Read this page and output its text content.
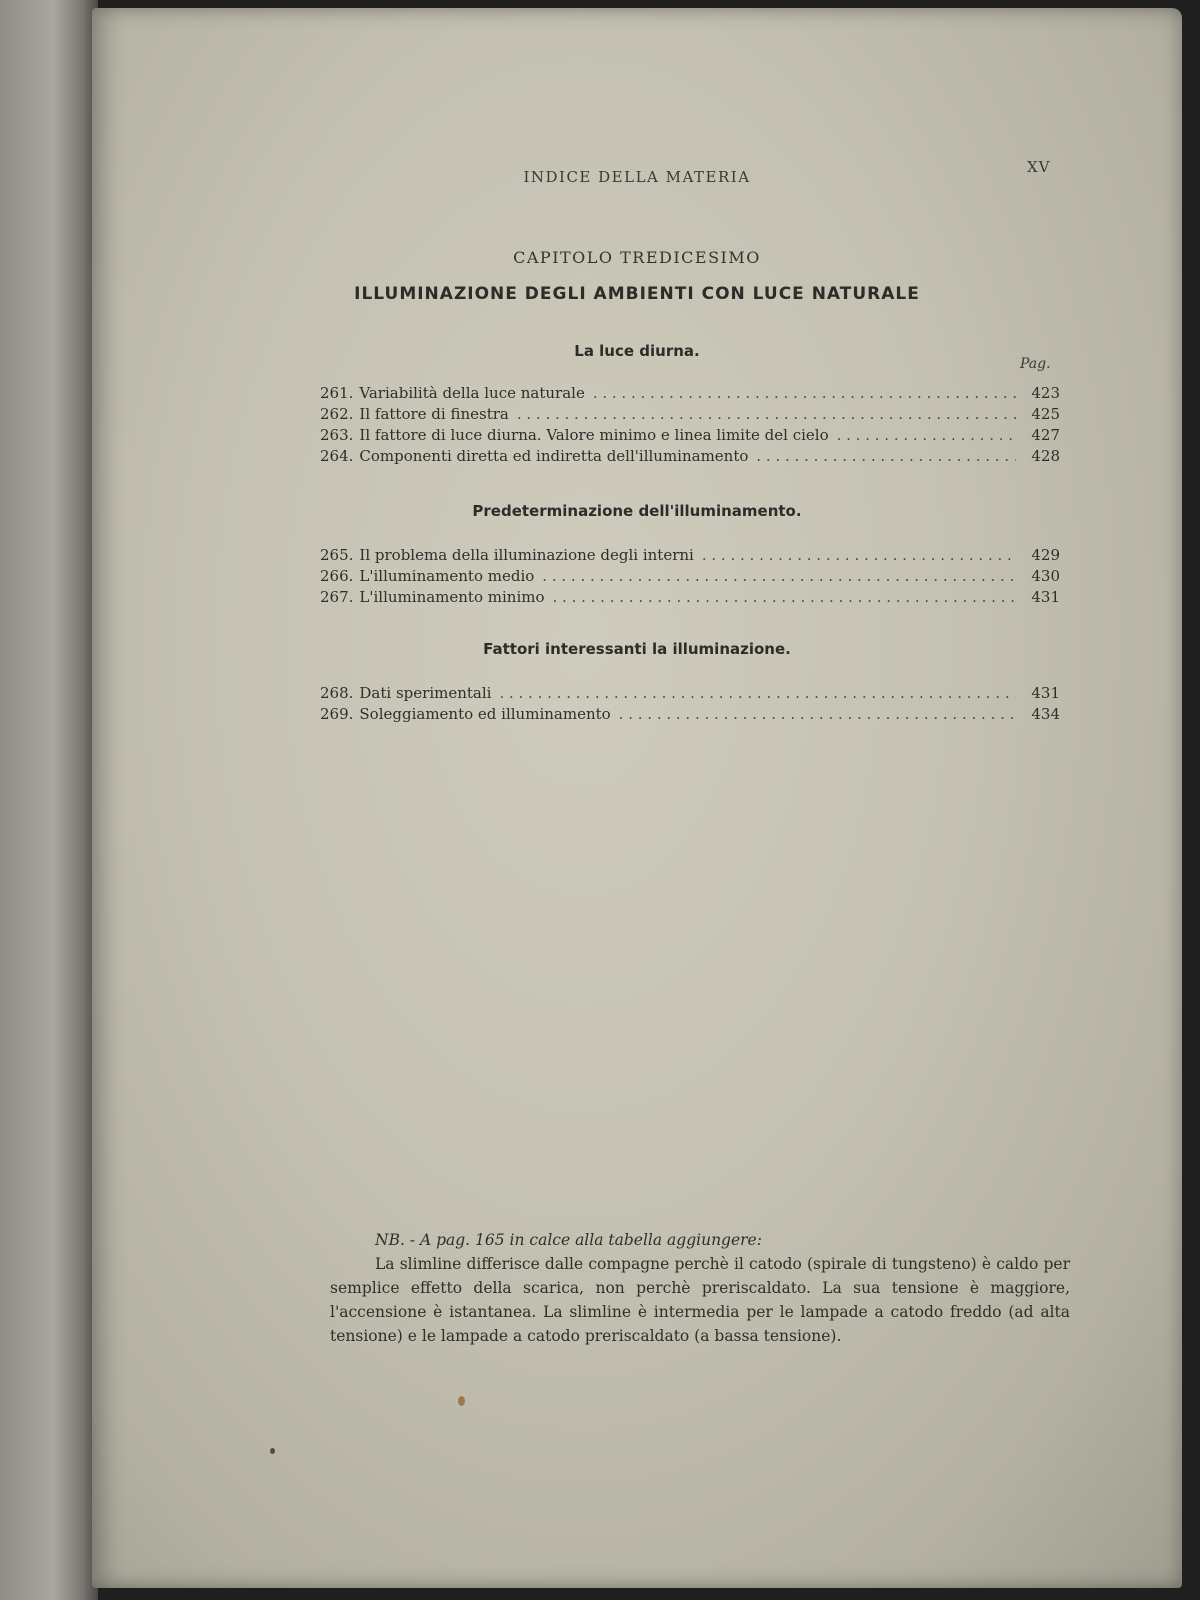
INDICE DELLA MATERIA
XV
CAPITOLO TREDICESIMO
ILLUMINAZIONE DEGLI AMBIENTI CON LUCE NATURALE
Pag.
La luce diurna.
261. Variabilità della luce naturale . . .	423
262. Il fattore di finestra . . .	425
263. Il fattore di luce diurna. Valore minimo e linea limite del cielo . . .	427
264. Componenti diretta ed indiretta dell'illuminamento . . .	428
Predeterminazione dell'illuminamento.
265. Il problema della illuminazione degli interni . . .	429
266. L'illuminamento medio . . .	430
267. L'illuminamento minimo . . .	431
Fattori interessanti la illuminazione.
268. Dati sperimentali . . .	431
269. Soleggiamento ed illuminamento . . .	434
NB. - A pag. 165 in calce alla tabella aggiungere:
La slimline differisce dalle compagne perchè il catodo (spirale di tungsteno) è caldo per semplice effetto della scarica, non perchè preriscaldato. La sua tensione è maggiore, l'accensione è istantanea. La slimline è intermedia per le lampade a catodo freddo (ad alta tensione) e le lampade a catodo preriscaldato (a bassa tensione).
